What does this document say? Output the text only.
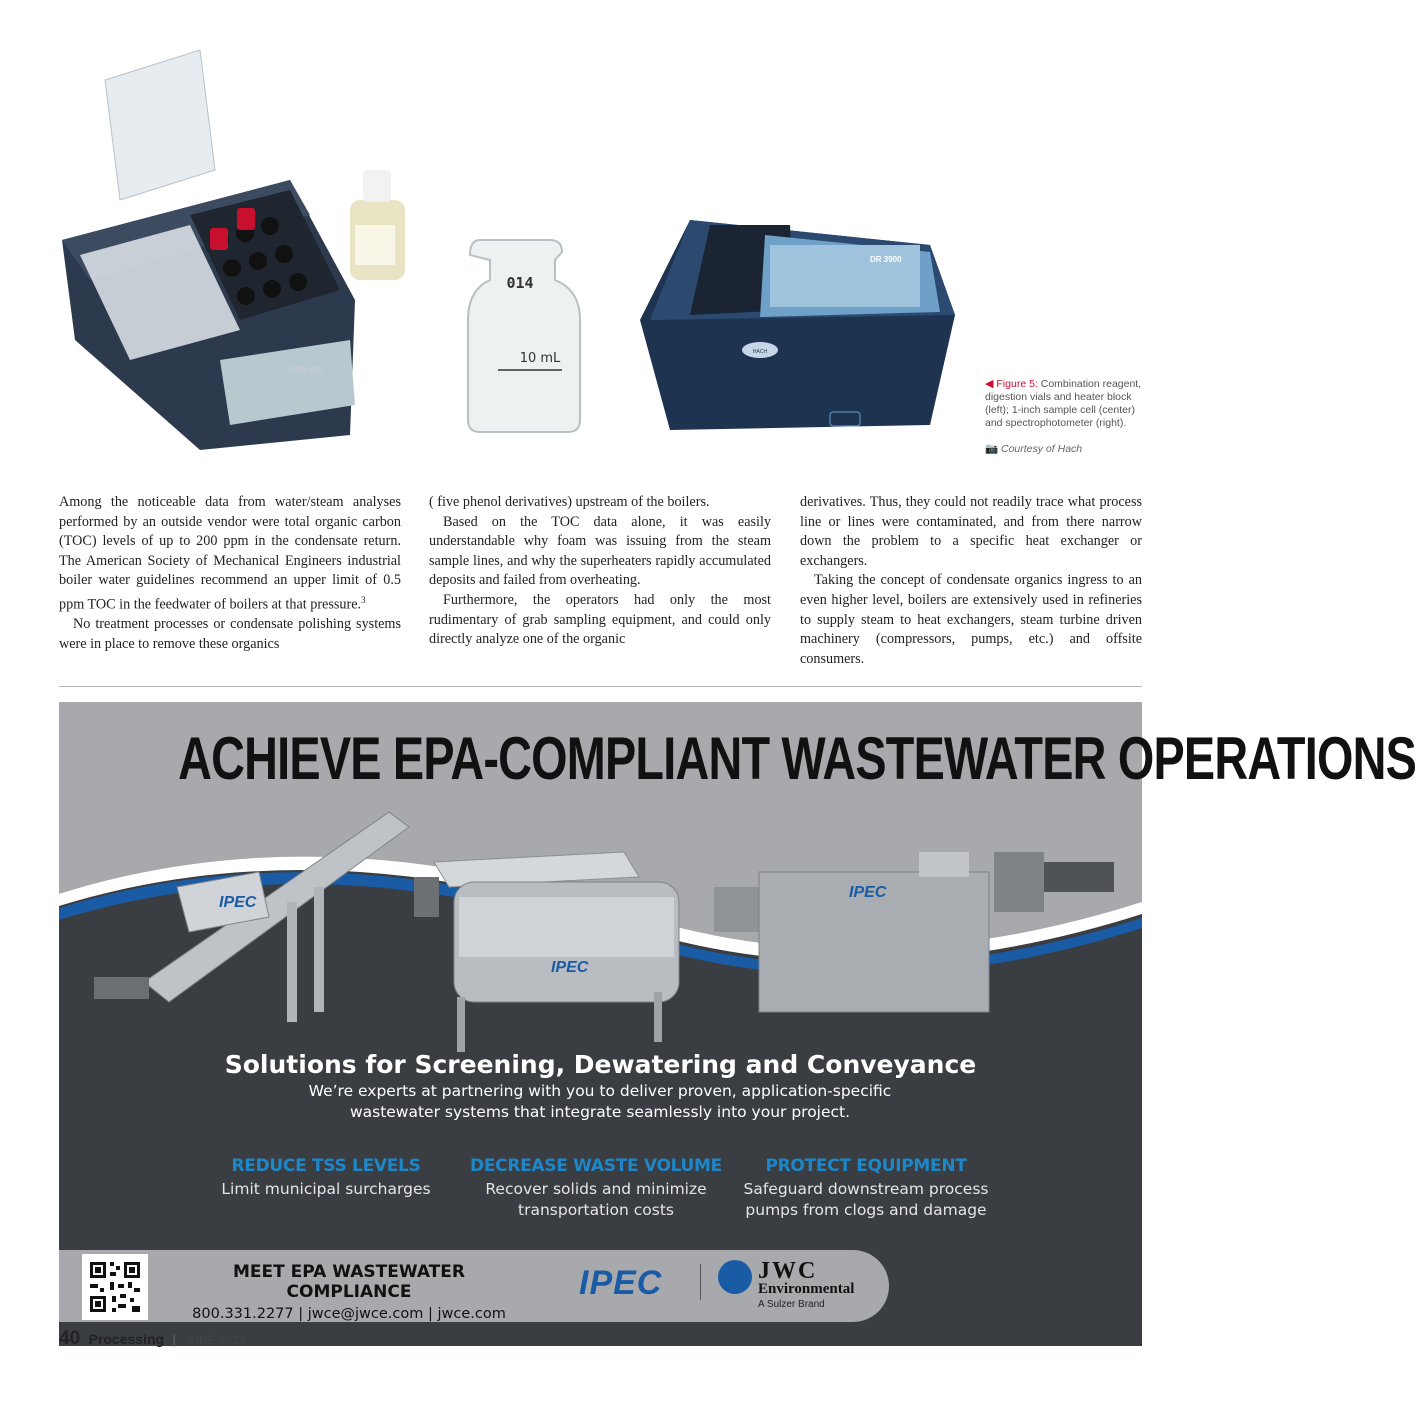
DRB 200
014
10 mL
DR 3900
HACH
◀ Figure 5: Combination reagent, digestion vials and heater block (left); 1-inch sample cell (center) and spectrophotometer (right).
📷 Courtesy of Hach

Among the noticeable data from water/steam analyses performed by an outside vendor were total organic carbon (TOC) levels of up to 200 ppm in the condensate return. The American Society of Mechanical Engineers industrial boiler water guidelines recommend an upper limit of 0.5 ppm TOC in the feedwater of boilers at that pressure.$^3$

No treatment processes or condensate polishing systems were in place to remove these organics

( five phenol derivatives) upstream of the boilers.

Based on the TOC data alone, it was easily understandable why foam was issuing from the steam sample lines, and why the superheaters rapidly accumulated deposits and failed from overheating.

Furthermore, the operators had only the most rudimentary of grab sampling equipment, and could only directly analyze one of the organic

derivatives. Thus, they could not readily trace what process line or lines were contaminated, and from there narrow down the problem to a specific heat exchanger or exchangers.

Taking the concept of condensate organics ingress to an even higher level, boilers are extensively used in refineries to supply steam to heat exchangers, steam turbine driven machinery (compressors, pumps, etc.) and offsite consumers.

IPEC
IPEC
IPEC
ACHIEVE EPA-COMPLIANT WASTEWATER OPERATIONS
Solutions for Screening, Dewatering and Conveyance
We’re experts at partnering with you to deliver proven, application-specific wastewater systems that integrate seamlessly into your project.
REDUCE TSS LEVELS
Limit municipal surcharges
DECREASE WASTE VOLUME
Recover solids and minimize transportation costs
PROTECT EQUIPMENT
Safeguard downstream process pumps from clogs and damage
MEET EPA WASTEWATER COMPLIANCE
800.331.2277 | jwce@jwce.com | jwce.com
IPEC	JWC
Environmental
A Sulzer Brand
40 Processing | JUNE 2023
